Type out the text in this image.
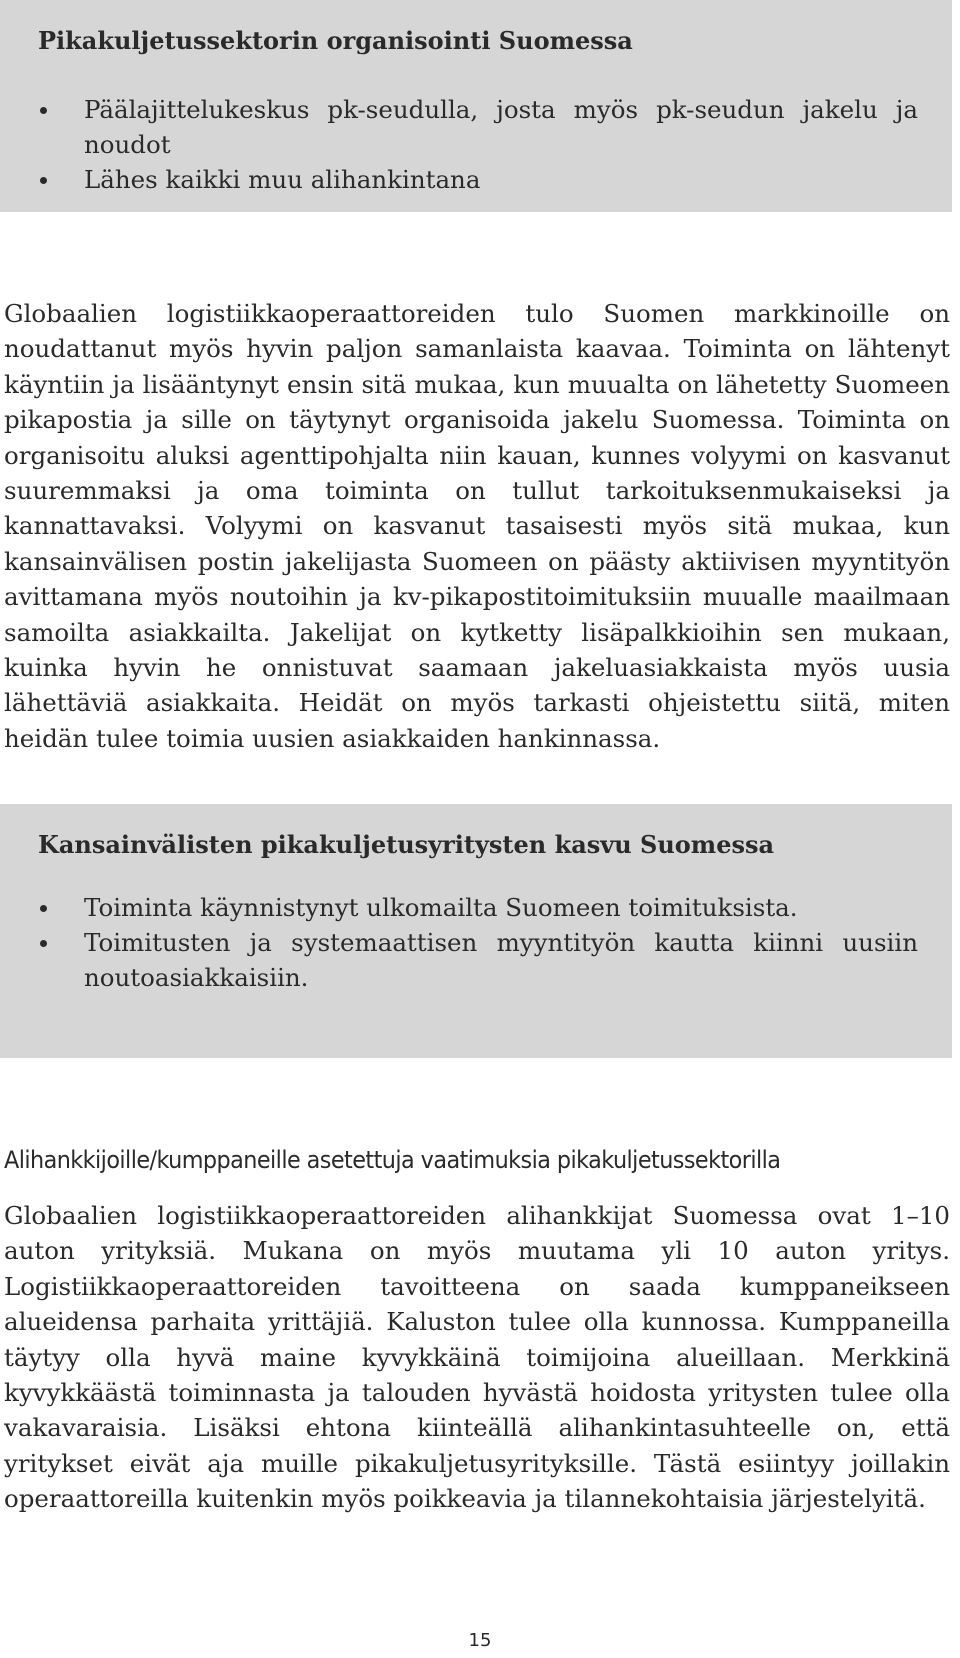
Pikakuljetussektorin organisointi Suomessa
Päälajittelukeskus pk-seudulla, josta myös pk-seudun jakelu ja noudot
Lähes kaikki muu alihankintana

Globaalien logistiikkaoperaattoreiden tulo Suomen markkinoille on noudattanut myös hyvin paljon samanlaista kaavaa. Toiminta on lähtenyt käyntiin ja lisääntynyt ensin sitä mukaa, kun muualta on lähetetty Suomeen pikapostia ja sille on täytynyt organisoida jakelu Suomessa. Toiminta on organisoitu aluksi agenttipohjalta niin kauan, kunnes volyymi on kasvanut suuremmaksi ja oma toiminta on tullut tarkoituksenmukaiseksi ja kannattavaksi. Volyymi on kasvanut tasaisesti myös sitä mukaa, kun kansainvälisen postin jakelijasta Suomeen on päästy aktiivisen myyntityön avittamana myös noutoihin ja kv-pikapostitoimituksiin muualle maailmaan samoilta asiakkailta. Jakelijat on kytketty lisäpalkkioihin sen mukaan, kuinka hyvin he onnistuvat saamaan jakeluasiakkaista myös uusia lähettäviä asiakkaita. Heidät on myös tarkasti ohjeistettu siitä, miten heidän tulee toimia uusien asiakkaiden hankinnassa.

Kansainvälisten pikakuljetusyritysten kasvu Suomessa
Toiminta käynnistynyt ulkomailta Suomeen toimituksista.
Toimitusten ja systemaattisen myyntityön kautta kiinni uusiin noutoasiakkaisiin.
Alihankkijoille/kumppaneille asetettuja vaatimuksia pikakuljetussektorilla

Globaalien logistiikkaoperaattoreiden alihankkijat Suomessa ovat 1–10 auton yrityksiä. Mukana on myös muutama yli 10 auton yritys. Logistiikkaoperaattoreiden tavoitteena on saada kumppaneikseen alueidensa parhaita yrittäjiä. Kaluston tulee olla kunnossa. Kumppaneilla täytyy olla hyvä maine kyvykkäinä toimijoina alueillaan. Merkkinä kyvykkäästä toiminnasta ja talouden hyvästä hoidosta yritysten tulee olla vakavaraisia. Lisäksi ehtona kiinteällä alihankintasuhteelle on, että yritykset eivät aja muille pikakuljetusyrityksille. Tästä esiintyy joillakin operaattoreilla kuitenkin myös poikkeavia ja tilannekohtaisia järjestelyitä.

15
